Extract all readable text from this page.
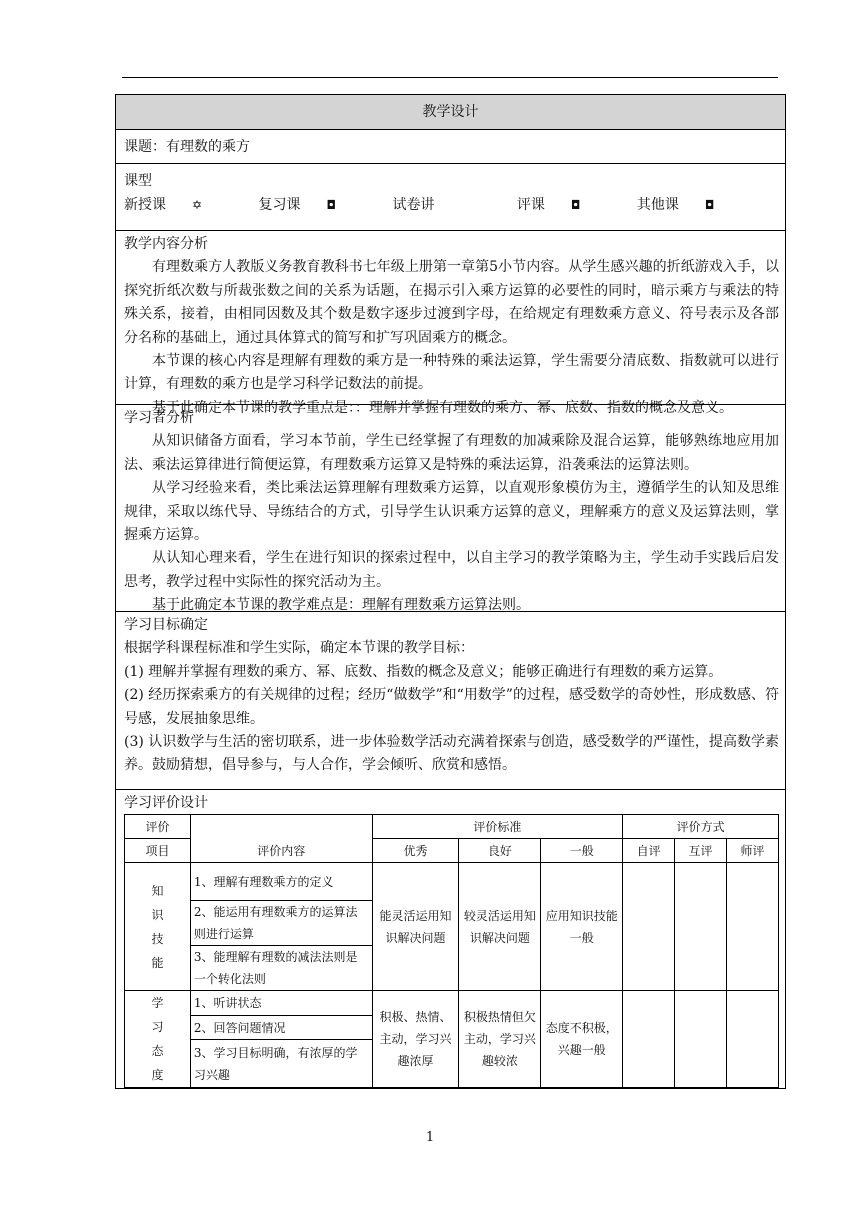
教学设计
课题：有理数的乘方
课型
新授课 ✡	复习课 ◘	试卷讲	评课 ◘	其他课 ◘
教学内容分析

有理数乘方人教版义务教育教科书七年级上册第一章第5小节内容。从学生感兴趣的折纸游戏入手，以探究折纸次数与所裁张数之间的关系为话题，在揭示引入乘方运算的必要性的同时，暗示乘方与乘法的特殊关系，接着，由相同因数及其个数是数字逐步过渡到字母，在给规定有理数乘方意义、符号表示及各部分名称的基础上，通过具体算式的简写和扩写巩固乘方的概念。

本节课的核心内容是理解有理数的乘方是一种特殊的乘法运算，学生需要分清底数、指数就可以进行计算，有理数的乘方也是学习科学记数法的前提。

基于此确定本节课的教学重点是：：理解并掌握有理数的乘方、幂、底数、指数的概念及意义。

学习者分析

从知识储备方面看，学习本节前，学生已经掌握了有理数的加减乘除及混合运算，能够熟练地应用加法、乘法运算律进行简便运算，有理数乘方运算又是特殊的乘法运算，沿袭乘法的运算法则。

从学习经验来看，类比乘法运算理解有理数乘方运算，以直观形象模仿为主，遵循学生的认知及思维规律，采取以练代导、导练结合的方式，引导学生认识乘方运算的意义，理解乘方的意义及运算法则，掌握乘方运算。

从认知心理来看，学生在进行知识的探索过程中，以自主学习的教学策略为主，学生动手实践后启发思考，教学过程中实际性的探究活动为主。

基于此确定本节课的教学难点是：理解有理数乘方运算法则。

学习目标确定

根据学科课程标准和学生实际，确定本节课的教学目标：

(1) 理解并掌握有理数的乘方、幂、底数、指数的概念及意义；能够正确进行有理数的乘方运算。

(2) 经历探索乘方的有关规律的过程；经历“做数学”和“用数学”的过程，感受数学的奇妙性，形成数感、符号感，发展抽象思维。

(3) 认识数学与生活的密切联系，进一步体验数学活动充满着探索与创造，感受数学的严谨性，提高数学素养。鼓励猜想，倡导参与，与人合作，学会倾听、欣赏和感悟。

学习评价设计
评价	评价内容	评价标准			评价方式		
项目		优秀	良好	一般	自评	互评	师评

知
识
技
能	1、理解有理数乘方的定义	能灵活运用知识解决问题	较灵活运用知识解决问题	应用知识技能一般			
	2、能运用有理数乘方的运算法则进行运算						
	3、能理解有理数的减法法则是一个转化法则						

学
习
态
度	1、听讲状态	积极、热情、主动，学习兴趣浓厚	积极热情但欠主动，学习兴趣较浓	态度不积极，兴趣一般			
	2、回答问题情况						
	3、学习目标明确，有浓厚的学习兴趣						
1
